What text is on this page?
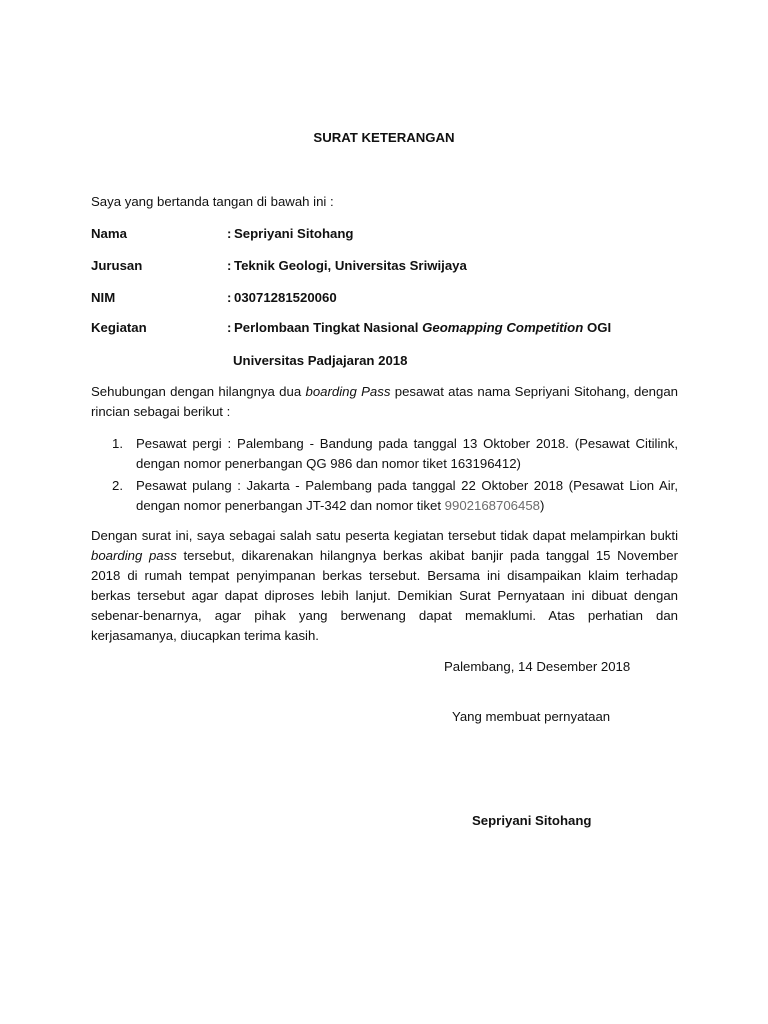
SURAT KETERANGAN
Saya yang bertanda tangan di bawah ini :
Nama	: Sepriyani Sitohang
Jurusan	: Teknik Geologi, Universitas Sriwijaya
NIM	: 03071281520060
Kegiatan	: Perlombaan Tingkat Nasional Geomapping Competition OGI
Universitas Padjajaran 2018
Sehubungan dengan hilangnya dua boarding Pass pesawat atas nama Sepriyani Sitohang, dengan rincian sebagai berikut :
1. Pesawat pergi : Palembang - Bandung pada tanggal 13 Oktober 2018. (Pesawat Citilink, dengan nomor penerbangan QG 986 dan nomor tiket 163196412)
2. Pesawat pulang : Jakarta - Palembang pada tanggal 22 Oktober 2018 (Pesawat Lion Air, dengan nomor penerbangan JT-342 dan nomor tiket 9902168706458)
Dengan surat ini, saya sebagai salah satu peserta kegiatan tersebut tidak dapat melampirkan bukti boarding pass tersebut, dikarenakan hilangnya berkas akibat banjir pada tanggal 15 November 2018 di rumah tempat penyimpanan berkas tersebut. Bersama ini disampaikan klaim terhadap berkas tersebut agar dapat diproses lebih lanjut. Demikian Surat Pernyataan ini dibuat dengan sebenar-benarnya, agar pihak yang berwenang dapat memaklumi. Atas perhatian dan kerjasamanya, diucapkan terima kasih.
Palembang, 14 Desember 2018
Yang membuat pernyataan
Sepriyani Sitohang
